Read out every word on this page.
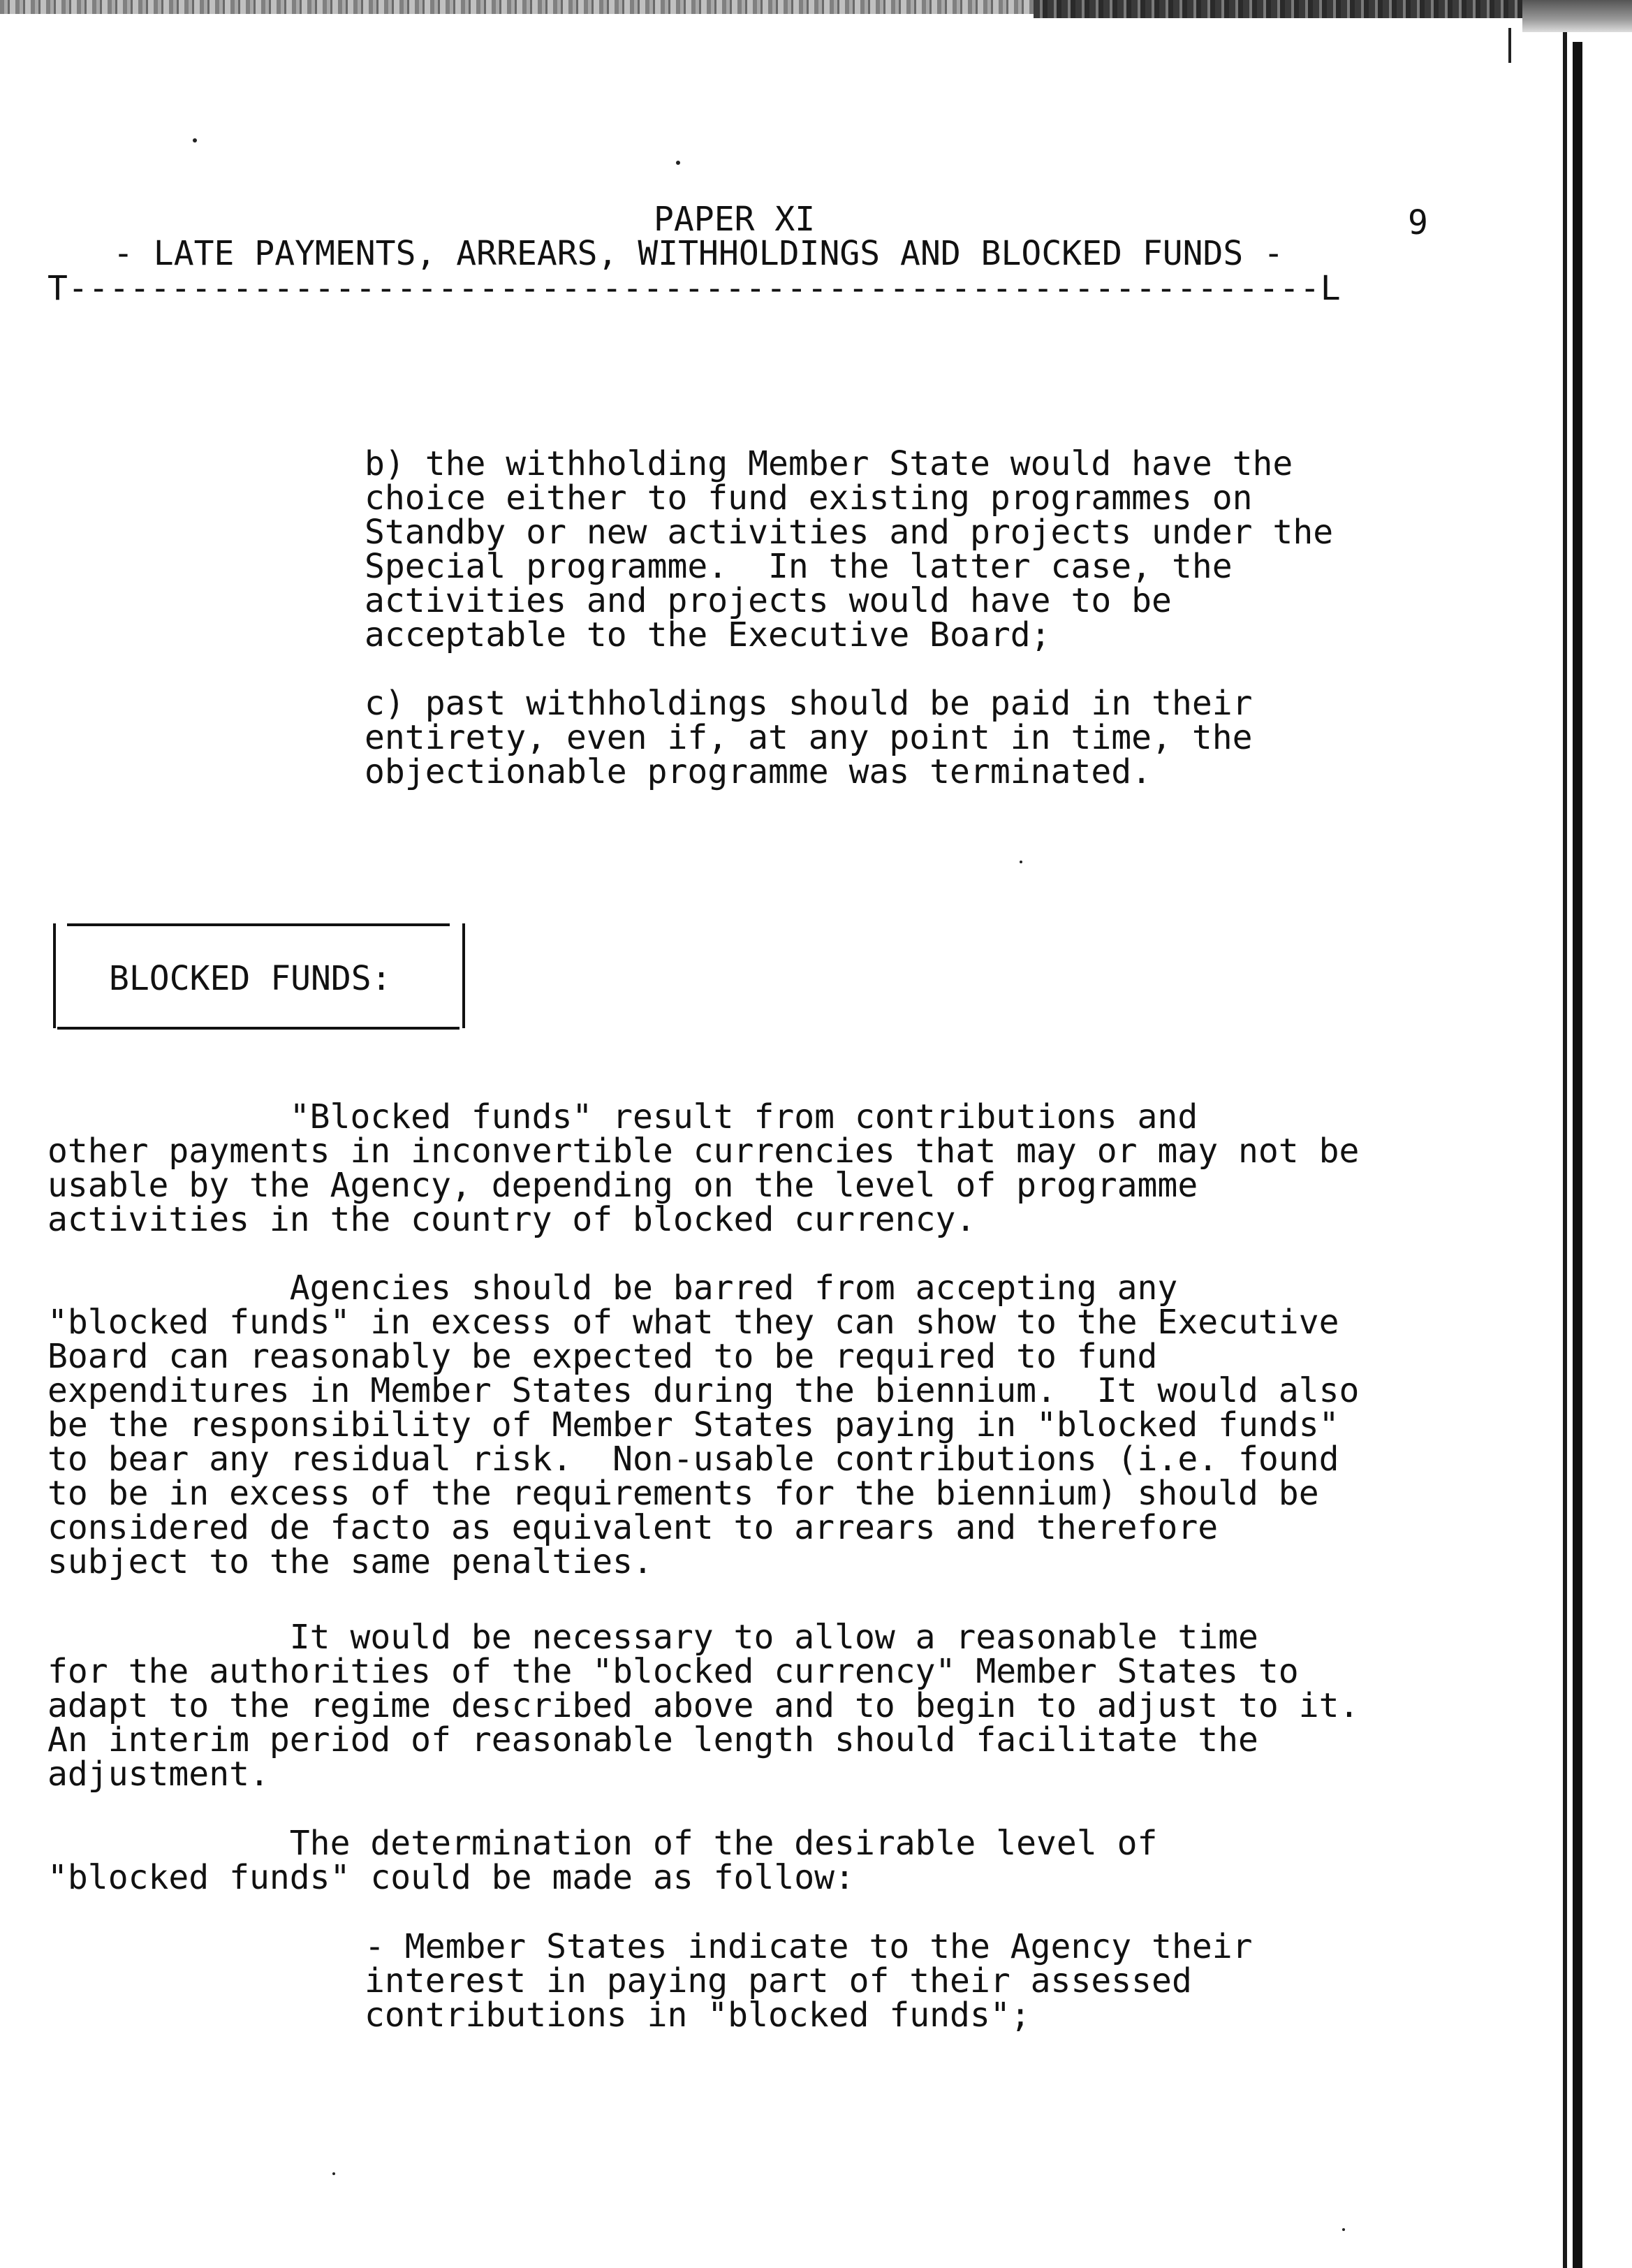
PAPER XI	9
- LATE PAYMENTS, ARREARS, WITHHOLDINGS AND BLOCKED FUNDS -
T-------------------------------------------------------------L
b) the withholding Member State would have the
choice either to fund existing programmes on
Standby or new activities and projects under the
Special programme.  In the latter case, the
activities and projects would have to be
acceptable to the Executive Board;
c) past withholdings should be paid in their
entirety, even if, at any point in time, the
objectionable programme was terminated.
BLOCKED FUNDS:
"Blocked funds" result from contributions and
other payments in inconvertible currencies that may or may not be
usable by the Agency, depending on the level of programme
activities in the country of blocked currency.
Agencies should be barred from accepting any
"blocked funds" in excess of what they can show to the Executive
Board can reasonably be expected to be required to fund
expenditures in Member States during the biennium.  It would also
be the responsibility of Member States paying in "blocked funds"
to bear any residual risk.  Non-usable contributions (i.e. found
to be in excess of the requirements for the biennium) should be
considered de facto as equivalent to arrears and therefore
subject to the same penalties.
It would be necessary to allow a reasonable time
for the authorities of the "blocked currency" Member States to
adapt to the regime described above and to begin to adjust to it.
An interim period of reasonable length should facilitate the
adjustment.
The determination of the desirable level of
"blocked funds" could be made as follow:
- Member States indicate to the Agency their
interest in paying part of their assessed
contributions in "blocked funds";
